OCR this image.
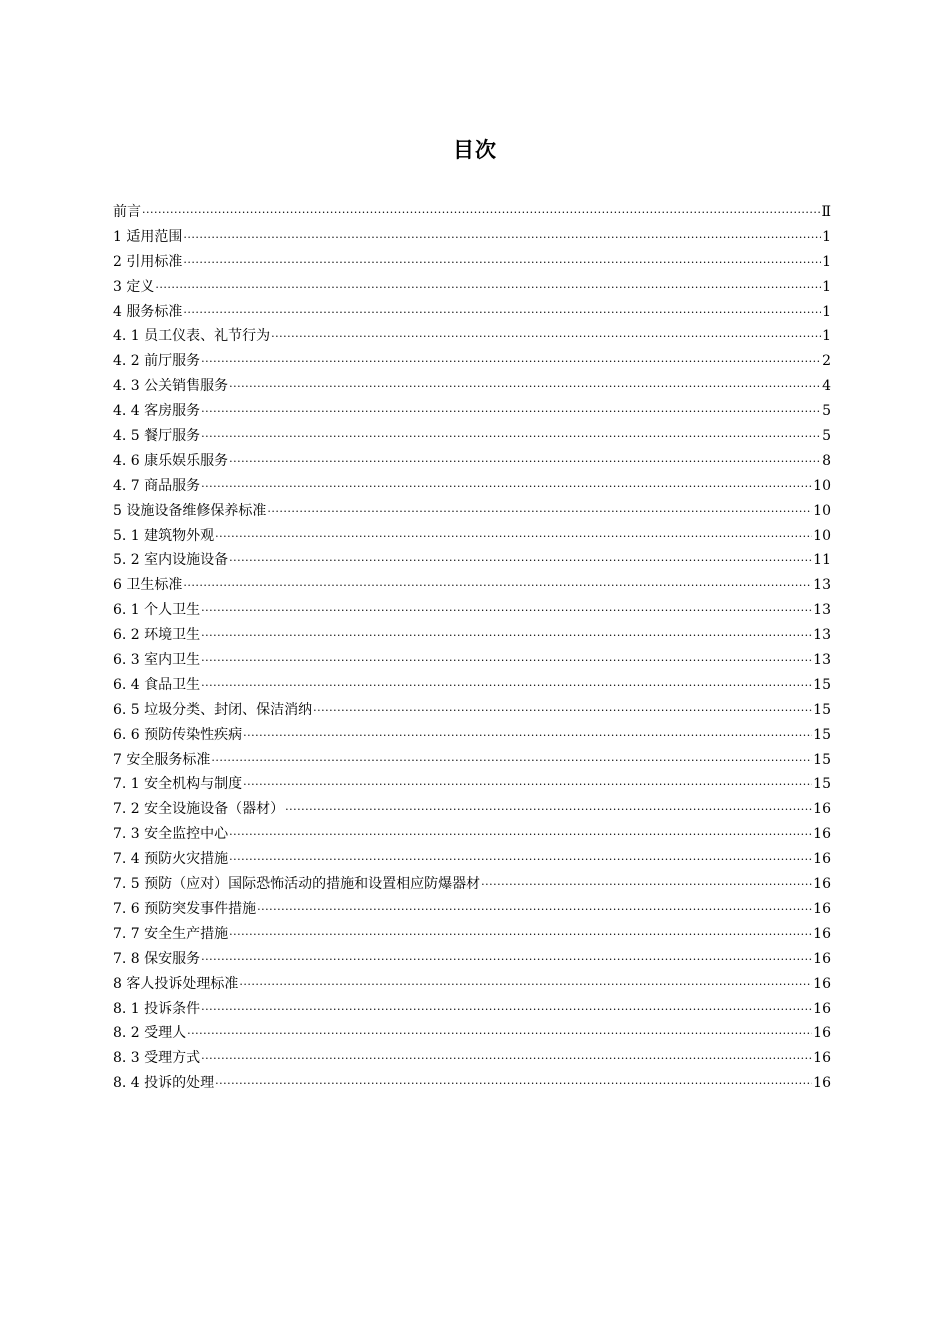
目次
前言 ·····	Ⅱ
1 适用范围 ·····	1
2 引用标准 ·····	1
3 定义 ·····	1
4 服务标准 ·····	1
4. 1 员工仪表、礼节行为 ·····	1
4. 2 前厅服务 ·····	2
4. 3 公关销售服务 ·····	4
4. 4 客房服务 ·····	5
4. 5 餐厅服务 ·····	5
4. 6 康乐娱乐服务 ·····	8
4. 7 商品服务 ·····	10
5 设施设备维修保养标准 ·····	10
5. 1 建筑物外观 ·····	10
5. 2 室内设施设备 ·····	11
6 卫生标准 ·····	13
6. 1 个人卫生 ·····	13
6. 2 环境卫生 ·····	13
6. 3 室内卫生 ·····	13
6. 4 食品卫生 ·····	15
6. 5 垃圾分类、封闭、保洁消纳 ·····	15
6. 6 预防传染性疾病 ·····	15
7 安全服务标准 ·····	15
7. 1 安全机构与制度 ·····	15
7. 2 安全设施设备（器材） ·····	16
7. 3 安全监控中心 ·····	16
7. 4 预防火灾措施 ·····	16
7. 5 预防（应对）国际恐怖活动的措施和设置相应防爆器材 ·····	16
7. 6 预防突发事件措施 ·····	16
7. 7 安全生产措施 ·····	16
7. 8 保安服务 ·····	16
8 客人投诉处理标准 ·····	16
8. 1 投诉条件 ·····	16
8. 2 受理人 ·····	16
8. 3 受理方式 ·····	16
8. 4 投诉的处理 ·····	16
